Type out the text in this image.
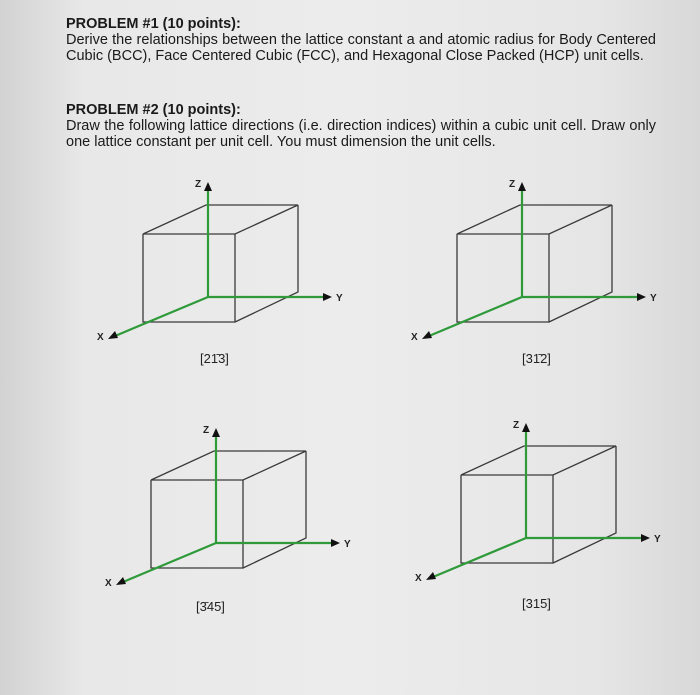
PROBLEM #1 (10 points):

Derive the relationships between the lattice constant a and atomic radius for Body Centered Cubic (BCC), Face Centered Cubic (FCC), and Hexagonal Close Packed (HCP) unit cells.

PROBLEM #2 (10 points):

Draw the following lattice directions (i.e. direction indices) within a cubic unit cell. Draw only one lattice constant per unit cell. You must dimension the unit cells.

Z
Y
X
[21̄3]
Z
Y
X
[31̄2]
Z
Y
X
[3̄45]
Z
Y
X
[315]
